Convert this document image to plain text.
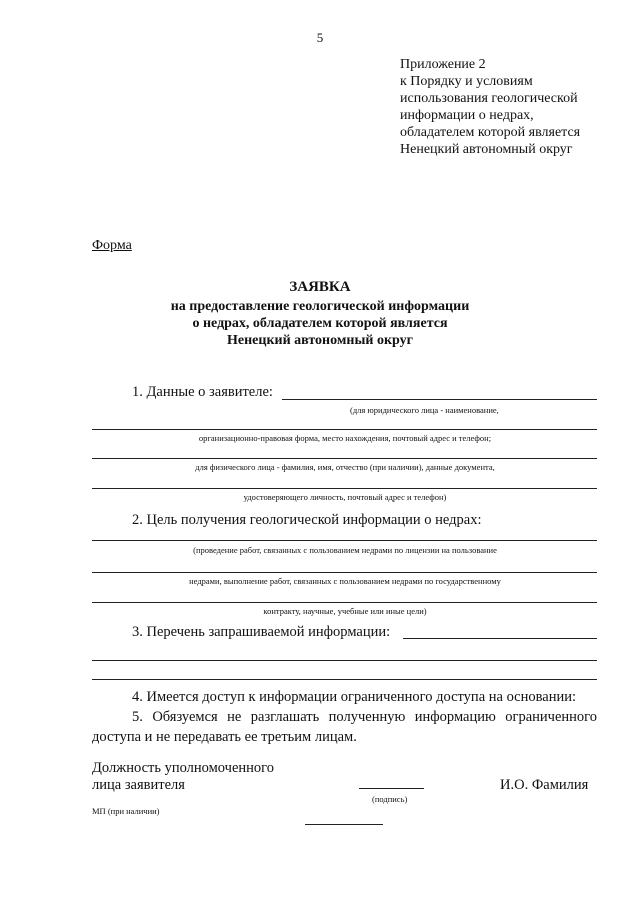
5
Приложение 2
к Порядку и условиям
использования геологической
информации о недрах,
обладателем которой является
Ненецкий автономный округ
Форма
ЗАЯВКА
на предоставление геологической информации
о недрах, обладателем которой является
Ненецкий автономный округ
1. Данные о заявителе:
(для юридического лица - наименование,
организационно-правовая форма, место нахождения, почтовый адрес и телефон;
для физического лица - фамилия, имя, отчество (при наличии), данные документа,
удостоверяющего личность, почтовый адрес и телефон)
2. Цель получения геологической информации о недрах:
(проведение работ, связанных с пользованием недрами по лицензии на пользование
недрами, выполнение работ, связанных с пользованием недрами по государственному
контракту, научные, учебные или иные цели)
3. Перечень запрашиваемой информации:
4. Имеется доступ к информации ограниченного доступа на основании:
5. Обязуемся не разглашать полученную информацию ограниченного доступа и не передавать ее третьим лицам.
Должность уполномоченного
лица заявителя
(подпись)
И.О. Фамилия
МП (при наличии)
